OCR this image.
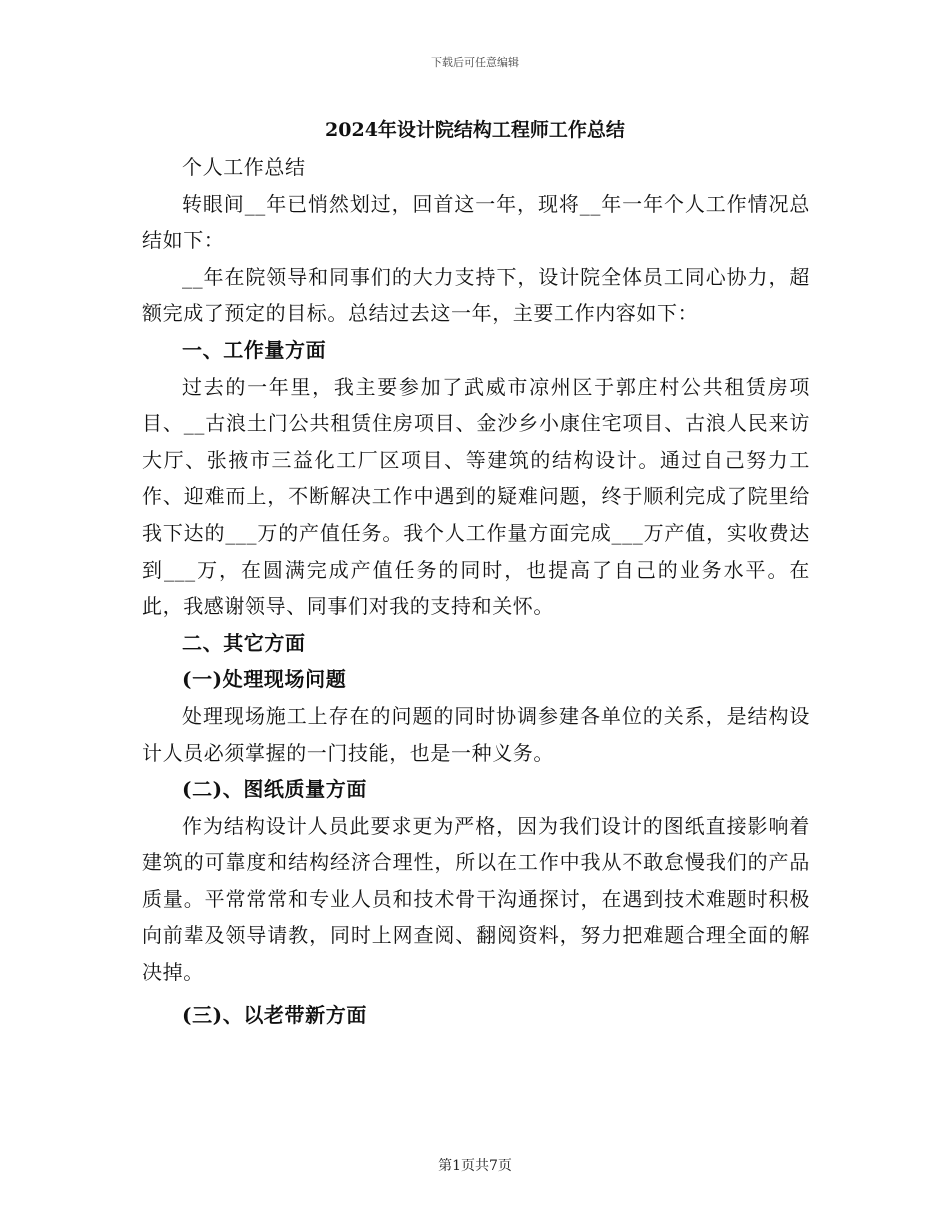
下载后可任意编辑
2024年设计院结构工程师工作总结

个人工作总结

转眼间__年已悄然划过，回首这一年，现将__年一年个人工作情况总结如下：

__年在院领导和同事们的大力支持下，设计院全体员工同心协力，超额完成了预定的目标。总结过去这一年，主要工作内容如下：

一、工作量方面

过去的一年里，我主要参加了武威市凉州区于郭庄村公共租赁房项目、__古浪土门公共租赁住房项目、金沙乡小康住宅项目、古浪人民来访大厅、张掖市三益化工厂区项目、等建筑的结构设计。通过自己努力工作、迎难而上，不断解决工作中遇到的疑难问题，终于顺利完成了院里给我下达的___万的产值任务。我个人工作量方面完成___万产值，实收费达到___万，在圆满完成产值任务的同时，也提高了自己的业务水平。在此，我感谢领导、同事们对我的支持和关怀。

二、其它方面

(一)处理现场问题

处理现场施工上存在的问题的同时协调参建各单位的关系，是结构设计人员必须掌握的一门技能，也是一种义务。

(二)、图纸质量方面

作为结构设计人员此要求更为严格，因为我们设计的图纸直接影响着建筑的可靠度和结构经济合理性，所以在工作中我从不敢怠慢我们的产品质量。平常常常和专业人员和技术骨干沟通探讨，在遇到技术难题时积极向前辈及领导请教，同时上网查阅、翻阅资料，努力把难题合理全面的解决掉。

(三)、以老带新方面

第1页共7页
